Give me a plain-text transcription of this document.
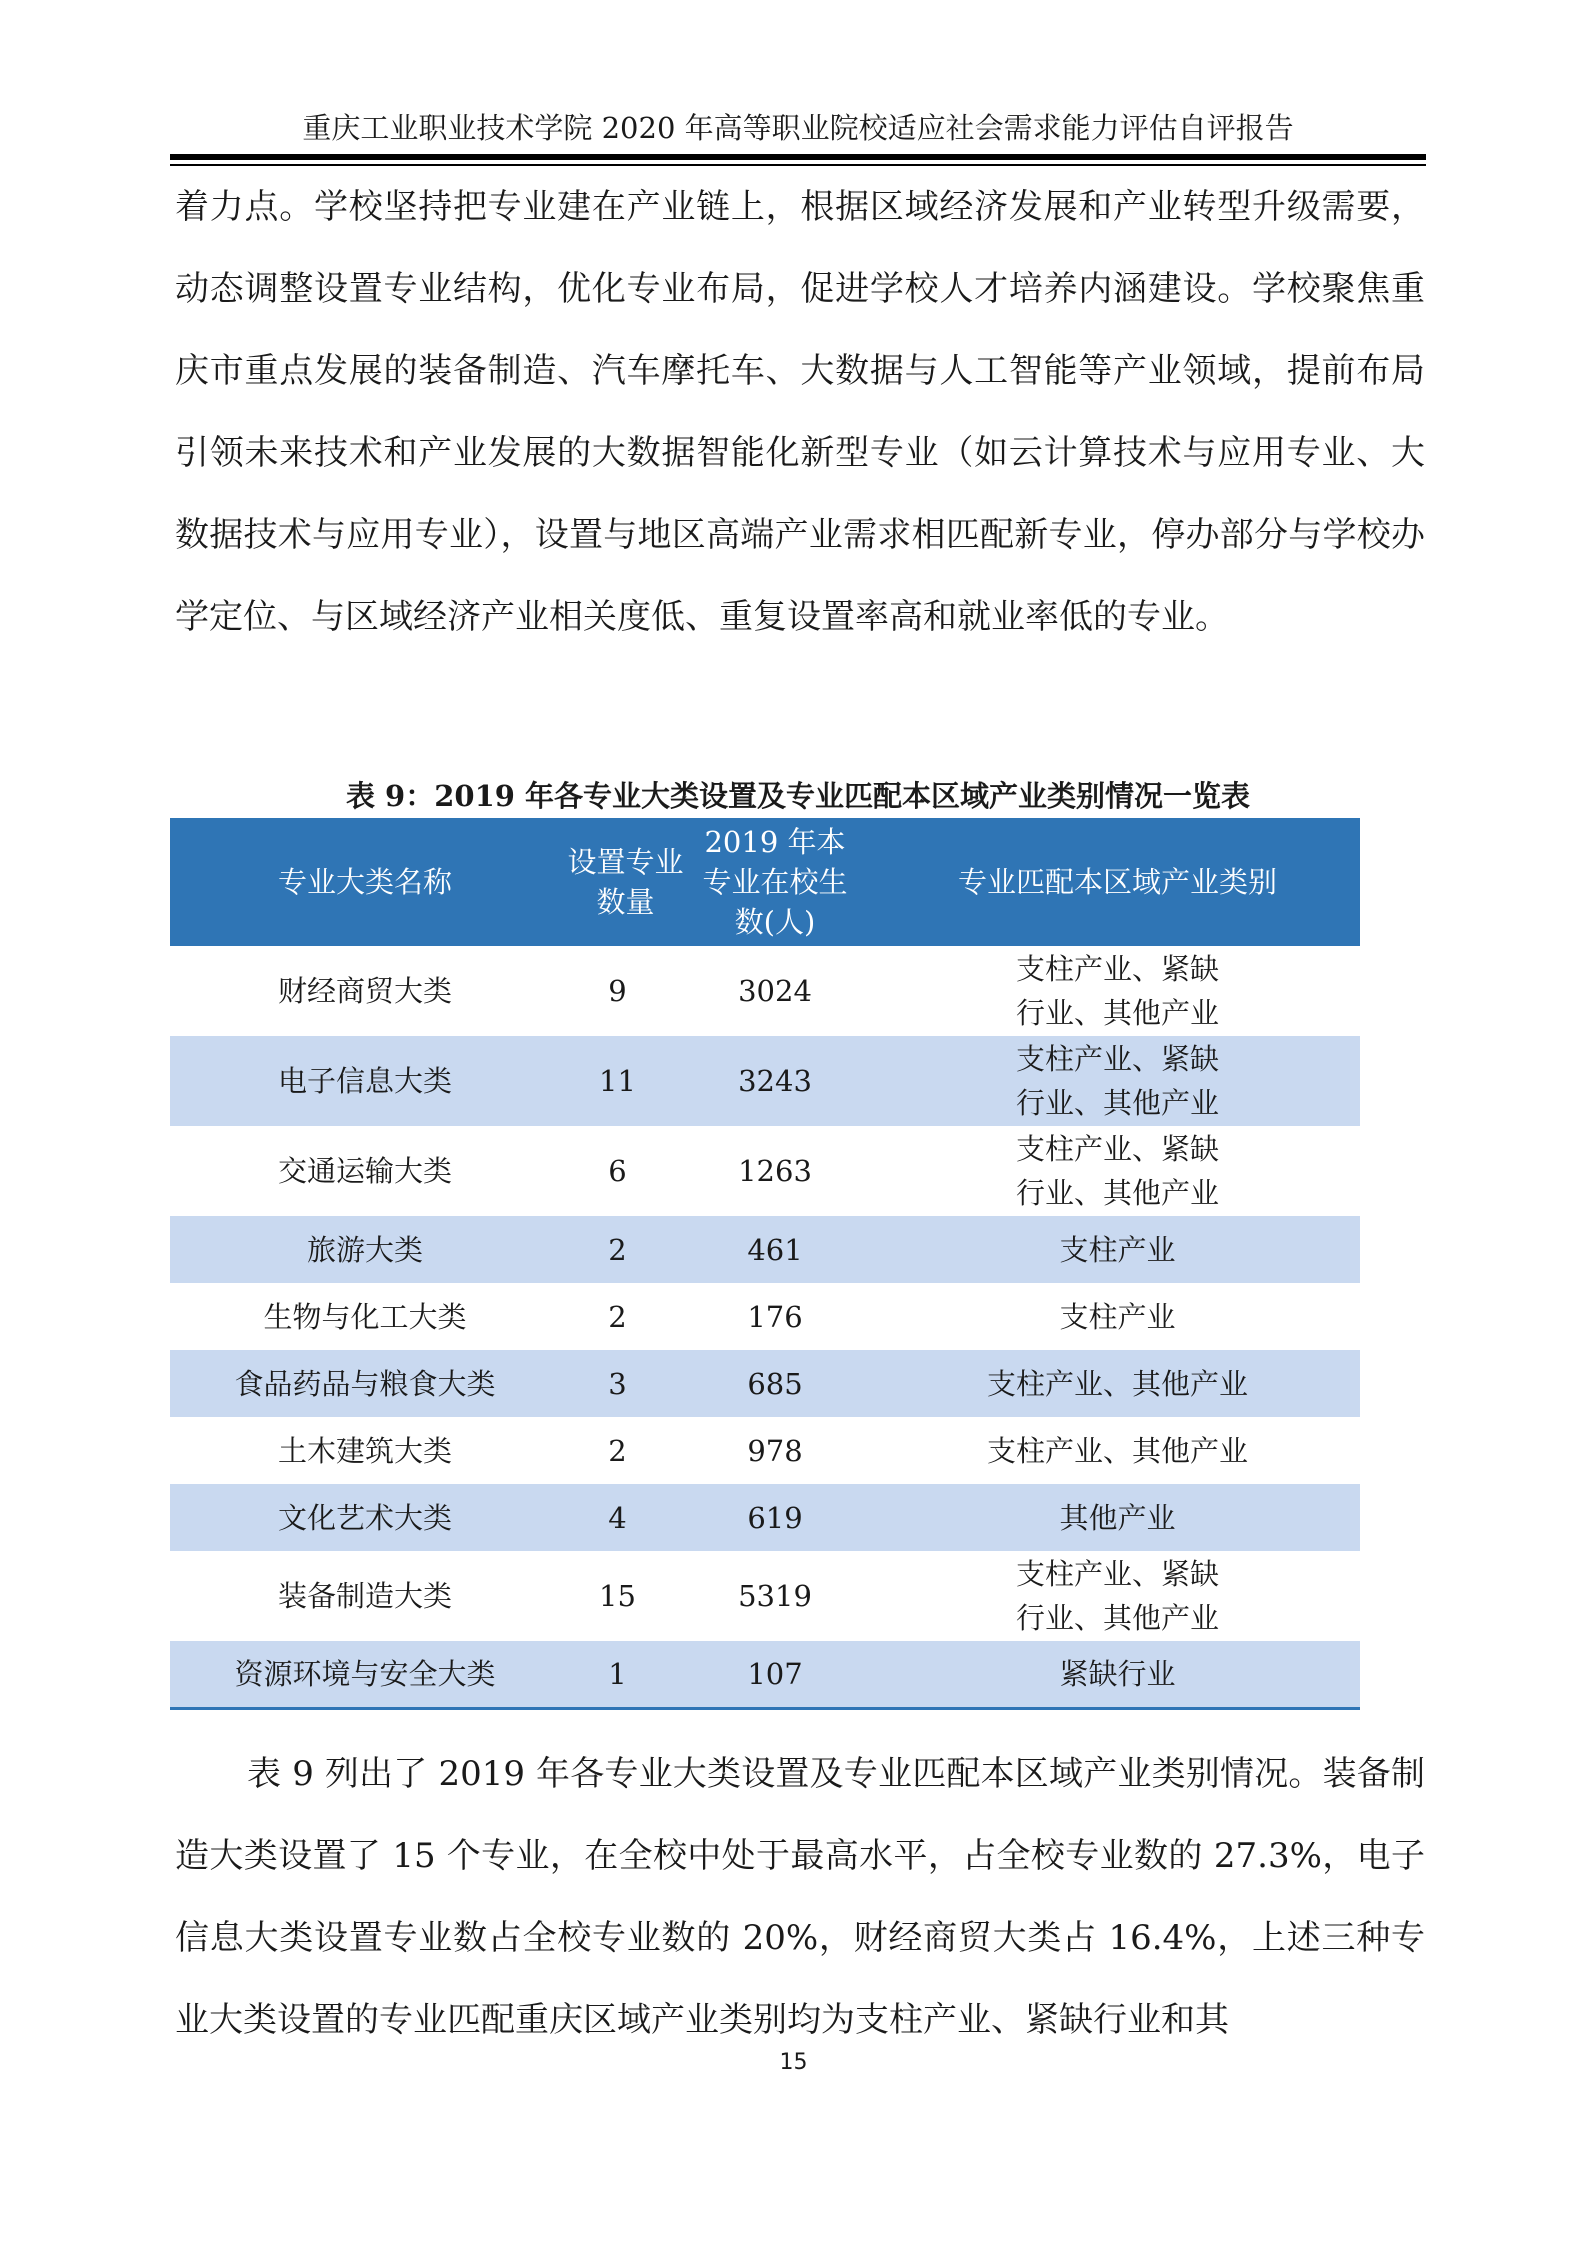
重庆工业职业技术学院 2020 年高等职业院校适应社会需求能力评估自评报告

着力点。学校坚持把专业建在产业链上，根据区域经济发展和产业转型升级需要，动态调整设置专业结构，优化专业布局，促进学校人才培养内涵建设。学校聚焦重庆市重点发展的装备制造、汽车摩托车、大数据与人工智能等产业领域，提前布局引领未来技术和产业发展的大数据智能化新型专业（如云计算技术与应用专业、大数据技术与应用专业），设置与地区高端产业需求相匹配新专业，停办部分与学校办学定位、与区域经济产业相关度低、重复设置率高和就业率低的专业。

表 9：2019 年各专业大类设置及专业匹配本区域产业类别情况一览表
专业大类名称	设置专业数量	2019 年本专业在校生数(人)	专业匹配本区域产业类别
财经商贸大类	9	3024	支柱产业、紧缺行业、其他产业

电子信息大类	11	3243	支柱产业、紧缺行业、其他产业

交通运输大类	6	1263	支柱产业、紧缺行业、其他产业

旅游大类	2	461	支柱产业
生物与化工大类	2	176	支柱产业
食品药品与粮食大类	3	685	支柱产业、其他产业
土木建筑大类	2	978	支柱产业、其他产业
文化艺术大类	4	619	其他产业
装备制造大类	15	5319	支柱产业、紧缺行业、其他产业

资源环境与安全大类	1	107	紧缺行业

表 9 列出了 2019 年各专业大类设置及专业匹配本区域产业类别情况。装备制造大类设置了 15 个专业，在全校中处于最高水平，占全校专业数的 27.3%，电子信息大类设置专业数占全校专业数的 20%，财经商贸大类占 16.4%，上述三种专业大类设置的专业匹配重庆区域产业类别均为支柱产业、紧缺行业和其

15
